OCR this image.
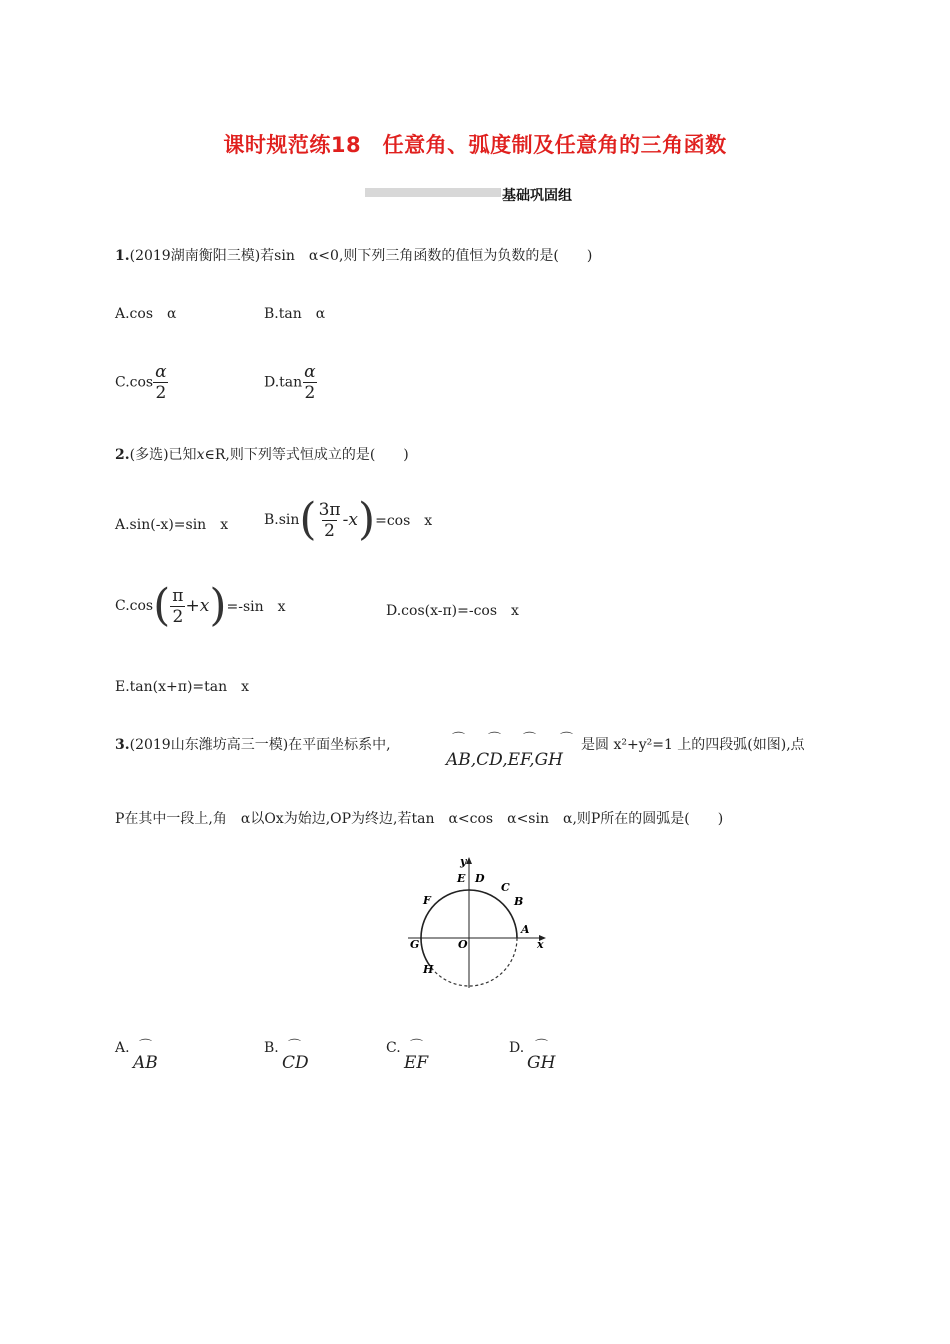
课时规范练18　任意角、弧度制及任意角的三角函数
基础巩固组
1.(2019湖南衡阳三模)若sin　α<0,则下列三角函数的值恒为负数的是(　　)
A.cos　α	B.tan　α
$C.\cos \frac{\alpha}{2}$	$D.\tan \frac{\alpha}{2}$
2.(多选)已知x∈R,则下列等式恒成立的是(　　)
A.sin(-x)=sin　x	$B.\sin( \frac{3\pi}{2} -x)=\cos$　x
$C.\cos( \frac{\pi}{2} +x)=-\sin$　x	D.cos(x-π)=-cos　x
E.tan(x+π)=tan　x
3.(2019山东潍坊高三一模)在平面坐标系中,
AB,CD,EF,GH
⌒ ⌒ ⌒ ⌒ 是圆 x²+y²=1 上的四段弧(如图),点
P在其中一段上,角　α以Ox为始边,OP为终边,若tan　α<cos　α<sin　α,则P所在的圆弧是(　　)
y
x
O
A
B
C
D
E
F
G
H
A. ⌒
AB
B. ⌒
CD
C. ⌒
EF
D. ⌒
GH
